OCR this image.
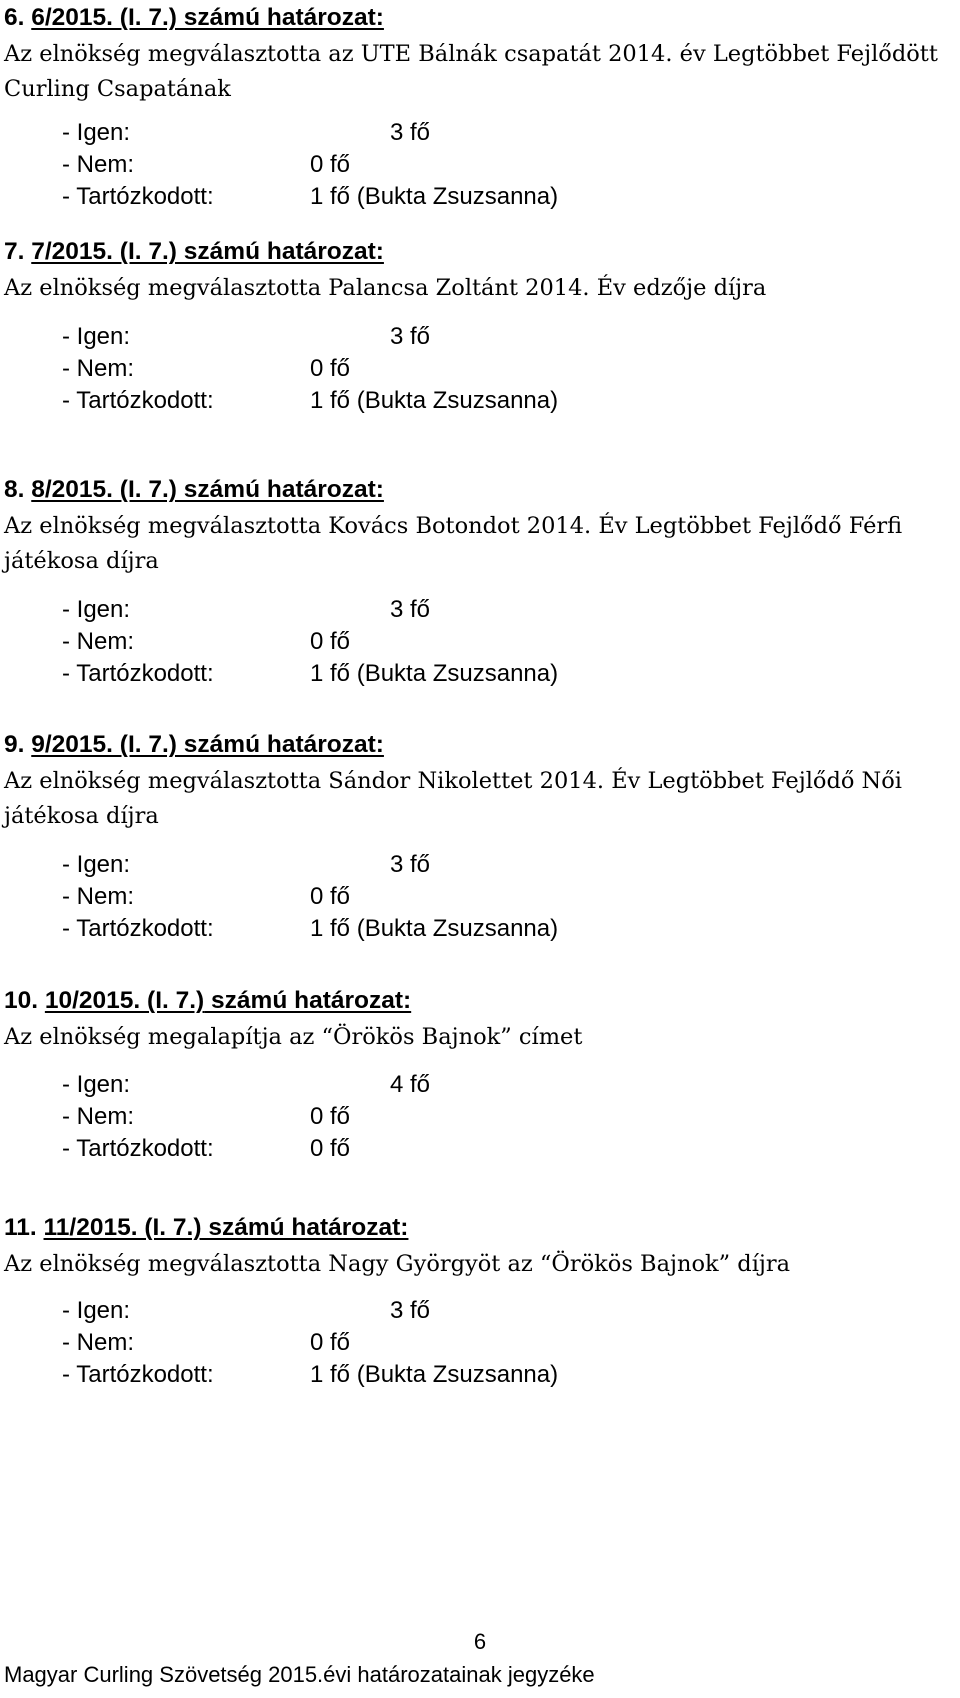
6. 6/2015. (I. 7.) számú határozat:

Az elnökség megválasztotta az UTE Bálnák csapatát 2014. év Legtöbbet Fejlődött Curling Csapatának

- Igen:	3 fő
- Nem:	0 fő
- Tartózkodott:	1 fő (Bukta Zsuzsanna)
7. 7/2015. (I. 7.) számú határozat:

Az elnökség megválasztotta Palancsa Zoltánt 2014. Év edzője díjra

- Igen:	3 fő
- Nem:	0 fő
- Tartózkodott:	1 fő (Bukta Zsuzsanna)
8. 8/2015. (I. 7.) számú határozat:

Az elnökség megválasztotta Kovács Botondot 2014. Év Legtöbbet Fejlődő Férfi játékosa díjra

- Igen:	3 fő
- Nem:	0 fő
- Tartózkodott:	1 fő (Bukta Zsuzsanna)
9. 9/2015. (I. 7.) számú határozat:

Az elnökség megválasztotta Sándor Nikolettet 2014. Év Legtöbbet Fejlődő Női játékosa díjra

- Igen:	3 fő
- Nem:	0 fő
- Tartózkodott:	1 fő (Bukta Zsuzsanna)
10. 10/2015. (I. 7.) számú határozat:

Az elnökség megalapítja az “Örökös Bajnok” címet

- Igen:	4 fő
- Nem:	0 fő
- Tartózkodott:	0 fő
11. 11/2015. (I. 7.) számú határozat:

Az elnökség megválasztotta Nagy Györgyöt az “Örökös Bajnok” díjra

- Igen:	3 fő
- Nem:	0 fő
- Tartózkodott:	1 fő (Bukta Zsuzsanna)
6
Magyar Curling Szövetség 2015.évi határozatainak jegyzéke
